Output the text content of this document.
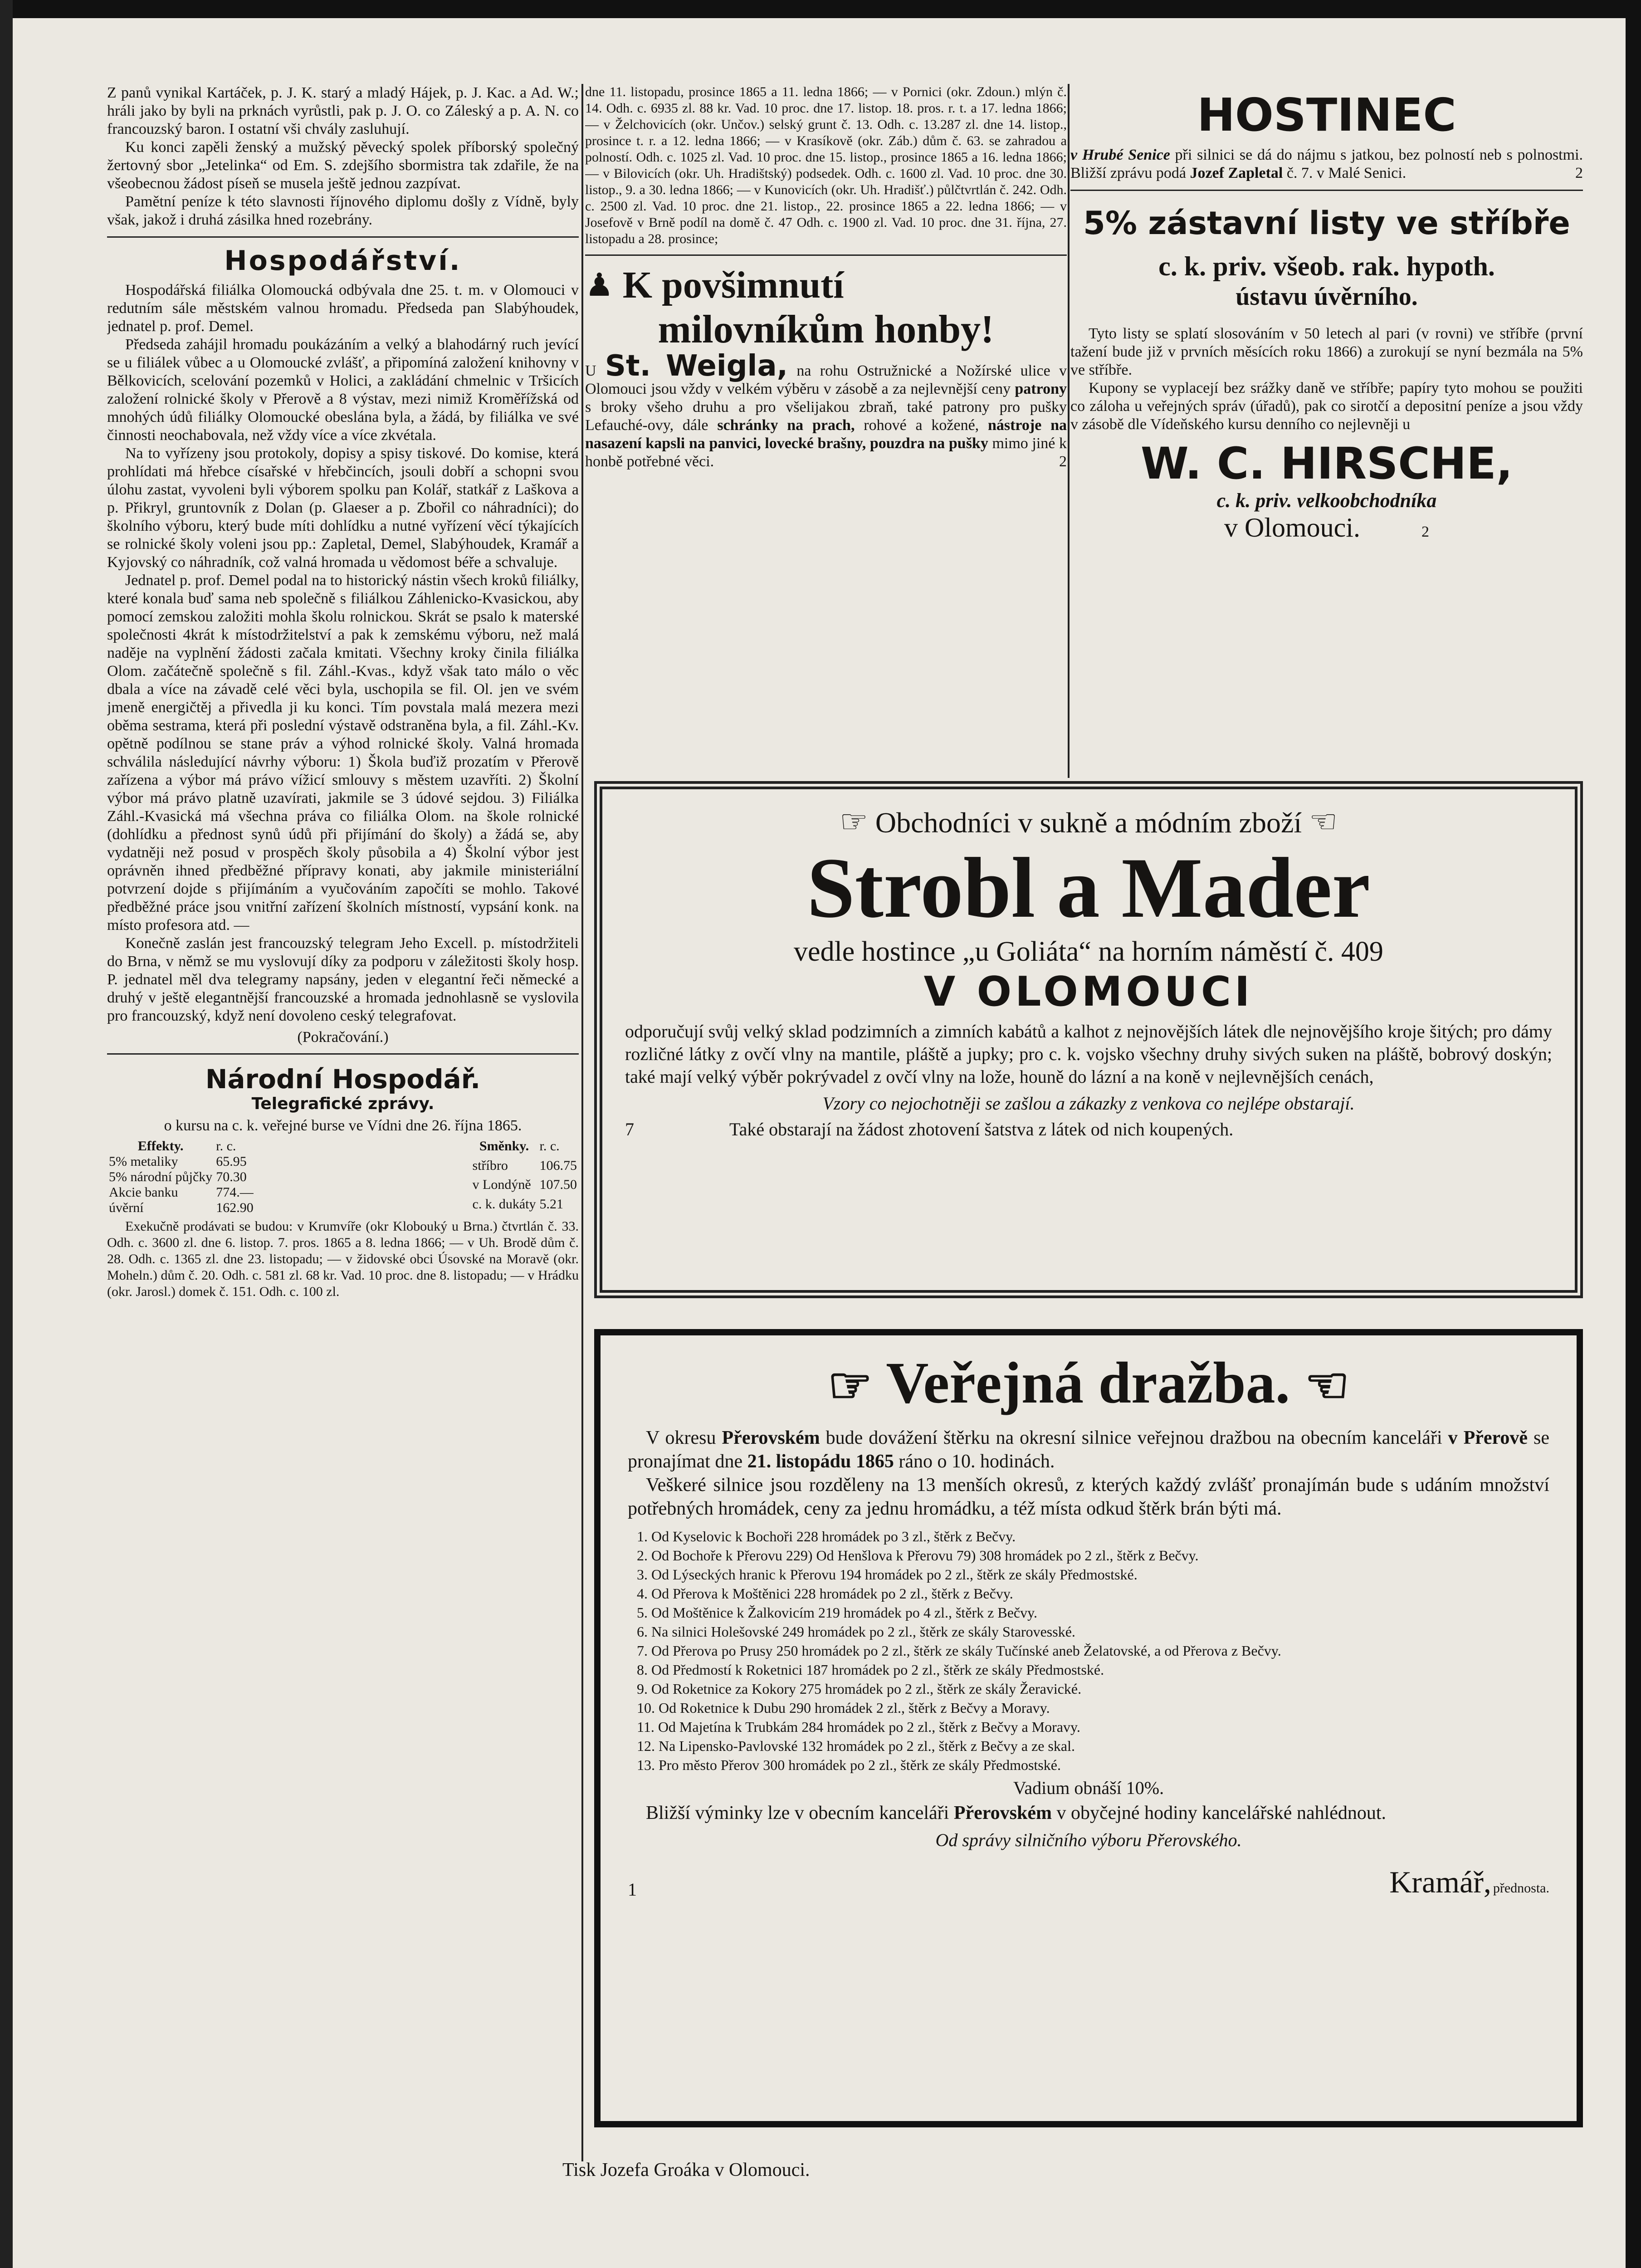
Z panů vynikal Kartáček, p. J. K. starý a mladý Hájek, p. J. Kac. a Ad. W.; hráli jako by byli na prknách vyrůstli, pak p. J. O. co Záleský a p. A. N. co francouzský baron. I ostatní vši chvály zasluhují.

Ku konci zapěli ženský a mužský pěvecký spolek příborský společný žertovný sbor „Jetelinka“ od Em. S. zdejšího sbormistra tak zdařile, že na všeobecnou žádost píseň se musela ještě jednou zazpívat.

Pamětní peníze k této slavnosti říjnového diplomu došly z Vídně, byly však, jakož i druhá zásilka hned rozebrány.

Hospodářství.

Hospodářská filiálka Olomoucká odbývala dne 25. t. m. v Olomouci v redutním sále městském valnou hromadu. Předseda pan Slabýhoudek, jednatel p. prof. Demel.

Předseda zahájil hromadu poukázáním a velký a blahodárný ruch jevící se u filiálek vůbec a u Olomoucké zvlášť, a připomíná založení knihovny v Bělkovicích, scelování pozemků v Holici, a zakládání chmelnic v Tršicích založení rolnické školy v Přerově a 8 výstav, mezi nimiž Kroměřížská od mnohých údů filiálky Olomoucké obeslána byla, a žádá, by filiálka ve své činnosti neochabovala, než vždy více a více zkvétala.

Na to vyřízeny jsou protokoly, dopisy a spisy tiskové. Do komise, která prohlídati má hřebce císařské v hřebčincích, jsouli dobří a schopni svou úlohu zastat, vyvoleni byli výborem spolku pan Kolář, statkář z Laškova a p. Přikryl, gruntovník z Dolan (p. Glaeser a p. Zbořil co náhradníci); do školního výboru, který bude míti dohlídku a nutné vyřízení věcí týkajících se rolnické školy voleni jsou pp.: Zapletal, Demel, Slabýhoudek, Kramář a Kyjovský co náhradník, což valná hromada u vědomost béře a schvaluje.

Jednatel p. prof. Demel podal na to historický nástin všech kroků filiálky, které konala buď sama neb společně s filiálkou Záhlenicko-Kvasickou, aby pomocí zemskou založiti mohla školu rolnickou. Skrát se psalo k materské společnosti 4krát k místodržitelství a pak k zemskému výboru, než malá naděje na vyplnění žádosti začala kmitati. Všechny kroky činila filiálka Olom. začátečně společně s fil. Záhl.-Kvas., když však tato málo o věc dbala a více na závadě celé věci byla, uschopila se fil. Ol. jen ve svém jmeně energičtěj a přivedla ji ku konci. Tím povstala malá mezera mezi oběma sestrama, která při poslední výstavě odstraněna byla, a fil. Záhl.-Kv. opětně podílnou se stane práv a výhod rolnické školy. Valná hromada schválila následující návrhy výboru: 1) Škola buďiž prozatím v Přerově zařízena a výbor má právo vížicí smlouvy s městem uzavříti. 2) Školní výbor má právo platně uzavírati, jakmile se 3 údové sejdou. 3) Filiálka Záhl.-Kvasická má všechna práva co filiálka Olom. na škole rolnické (dohlídku a přednost synů údů při přijímání do školy) a žádá se, aby vydatněji než posud v prospěch školy působila a 4) Školní výbor jest oprávněn ihned předběžné přípravy konati, aby jakmile ministeriální potvrzení dojde s přijímáním a vyučováním započíti se mohlo. Takové předběžné práce jsou vnitřní zařízení školních místností, vypsání konk. na místo profesora atd. —

Konečně zaslán jest francouzský telegram Jeho Excell. p. místodržiteli do Brna, v němž se mu vyslovují díky za podporu v záležitosti školy hosp. P. jednatel měl dva telegramy napsány, jeden v elegantní řeči německé a druhý v ještě elegantnější francouzské a hromada jednohlasně se vyslovila pro francouzský, když není dovoleno ceský telegrafovat.

(Pokračování.)

Národní Hospodář.
Telegrafické zprávy.

o kursu na c. k. veřejné burse ve Vídni dne 26. října 1865.

Effekty.	r. c.
5% metaliky	65.95
5% národní půjčky	70.30
Akcie banku	774.—
úvěrní	162.90
Směnky.	r. c.
stříbro	106.75
v Londýně	107.50
c. k. dukáty	5.21

Exekučně prodávati se budou: v Krumvíře (okr Klobouký u Brna.) čtvrtlán č. 33. Odh. c. 3600 zl. dne 6. listop. 7. pros. 1865 a 8. ledna 1866; — v Uh. Brodě dům č. 28. Odh. c. 1365 zl. dne 23. listopadu; — v židovské obci Úsovské na Moravě (okr. Moheln.) dům č. 20. Odh. c. 581 zl. 68 kr. Vad. 10 proc. dne 8. listopadu; — v Hrádku (okr. Jarosl.) domek č. 151. Odh. c. 100 zl.

dne 11. listopadu, prosince 1865 a 11. ledna 1866; — v Pornici (okr. Zdoun.) mlýn č. 14. Odh. c. 6935 zl. 88 kr. Vad. 10 proc. dne 17. listop. 18. pros. r. t. a 17. ledna 1866; — v Želchovicích (okr. Unčov.) selský grunt č. 13. Odh. c. 13.287 zl. dne 14. listop., prosince t. r. a 12. ledna 1866; — v Krasíkově (okr. Záb.) dům č. 63. se zahradou a polností. Odh. c. 1025 zl. Vad. 10 proc. dne 15. listop., prosince 1865 a 16. ledna 1866; — v Bilovicích (okr. Uh. Hradištský) podsedek. Odh. c. 1600 zl. Vad. 10 proc. dne 30. listop., 9. a 30. ledna 1866; — v Kunovicích (okr. Uh. Hradišť.) půlčtvrtlán č. 242. Odh. c. 2500 zl. Vad. 10 proc. dne 21. listop., 22. prosince 1865 a 22. ledna 1866; — v Josefově v Brně podíl na domě č. 47 Odh. c. 1900 zl. Vad. 10 proc. dne 31. října, 27. listopadu a 28. prosince;

♟ K povšimnutí
milovníkům honby!

U St. Weigla, na rohu Ostružnické a Nožírské ulice v Olomouci jsou vždy v velkém výběru v zásobě a za nejlevnější ceny patrony s broky všeho druhu a pro všelijakou zbraň, také patrony pro pušky Lefauché-ovy, dále schránky na prach, rohové a kožené, nástroje na nasazení kapsli na panvici, lovecké brašny, pouzdra na pušky mimo jiné k honbě potřebné věci.	2

HOSTINEC

v Hrubé Senice při silnici se dá do nájmu s jatkou, bez polností neb s polnostmi. Bližší zprávu podá Jozef Zapletal č. 7. v Malé Senici.	2

5% zástavní listy ve stříbře
c. k. priv. všeob. rak. hypoth.
ústavu úvěrního.

Tyto listy se splatí slosováním v 50 letech al pari (v rovni) ve stříbře (první tažení bude již v prvních měsících roku 1866) a zurokují se nyní bezmála na 5% ve stříbře.

Kupony se vyplacejí bez srážky daně ve stříbře; papíry tyto mohou se použiti co záloha u veřejných správ (úřadů), pak co sirotčí a depositní peníze a jsou vždy v zásobě dle Vídeňského kursu denního co nejlevněji u

W. C. HIRSCHE,
c. k. priv. velkoobchodníka
v Olomouci.	2
☞ Obchodníci v sukně a módním zboží ☜
Strobl a Mader
vedle hostince „u Goliáta“ na horním náměstí č. 409
V OLOMOUCI

odporučují svůj velký sklad podzimních a zimních kabátů a kalhot z nejnovějších látek dle nejnovějšího kroje šitých; pro dámy rozličné látky z ovčí vlny na mantile, pláště a jupky; pro c. k. vojsko všechny druhy sivých suken na pláště, bobrový doskýn; také mají velký výběr pokrývadel z ovčí vlny na lože, houně do lázní a na koně v nejlevnějších cenách,

Vzory co nejochotněji se zašlou a zákazky z venkova co nejlépe obstarají.

7	Také obstarají na žádost zhotovení šatstva z látek od nich koupených.

☞ Veřejná dražba. ☜

V okresu Přerovském bude dovážení štěrku na okresní silnice veřejnou dražbou na obecním kanceláři v Přerově se pronajímat dne 21. listopádu 1865 ráno o 10. hodinách.

Veškeré silnice jsou rozděleny na 13 menších okresů, z kterých každý zvlášť pronajímán bude s udáním množství potřebných hromádek, ceny za jednu hromádku, a též místa odkud štěrk brán býti má.

1. Od Kyselovic k Bochoři 228 hromádek po 3 zl., štěrk z Bečvy.

2. Od Bochoře k Přerovu 229) Od Henšlova k Přerovu 79) 308 hromádek po 2 zl., štěrk z Bečvy.

3. Od Lýseckých hranic k Přerovu 194 hromádek po 2 zl., štěrk ze skály Předmostské.

4. Od Přerova k Moštěnici 228 hromádek po 2 zl., štěrk z Bečvy.

5. Od Moštěnice k Žalkovicím 219 hromádek po 4 zl., štěrk z Bečvy.

6. Na silnici Holešovské 249 hromádek po 2 zl., štěrk ze skály Starovesské.

7. Od Přerova po Prusy 250 hromádek po 2 zl., štěrk ze skály Tučínské aneb Želatovské, a od Přerova z Bečvy.

8. Od Předmostí k Roketnici 187 hromádek po 2 zl., štěrk ze skály Předmostské.

9. Od Roketnice za Kokory 275 hromádek po 2 zl., štěrk ze skály Žeravické.

10. Od Roketnice k Dubu 290 hromádek 2 zl., štěrk z Bečvy a Moravy.

11. Od Majetína k Trubkám 284 hromádek po 2 zl., štěrk z Bečvy a Moravy.

12. Na Lipensko-Pavlovské 132 hromádek po 2 zl., štěrk z Bečvy a ze skal.

13. Pro město Přerov 300 hromádek po 2 zl., štěrk ze skály Předmostské.

Vadium obnáší 10%.

Bližší výminky lze v obecním kanceláři Přerovském v obyčejné hodiny kancelářské nahlédnout.

Od správy silničního výboru Přerovského.

1	Kramář, přednosta.
Tisk Jozefa Groáka v Olomouci.
